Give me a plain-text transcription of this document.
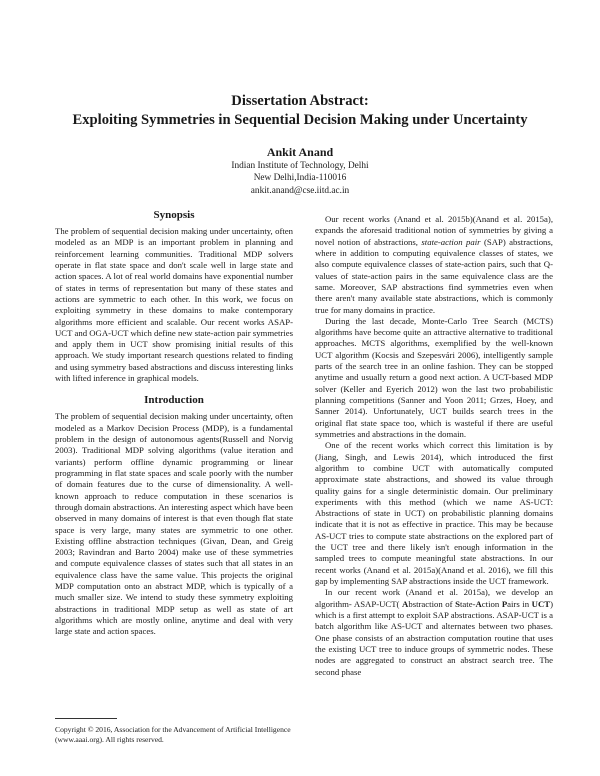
Dissertation Abstract:
Exploiting Symmetries in Sequential Decision Making under Uncertainty
Ankit Anand
Indian Institute of Technology, Delhi
New Delhi,India-110016
ankit.anand@cse.iitd.ac.in
Synopsis

The problem of sequential decision making under uncertainty, often modeled as an MDP is an important problem in planning and reinforcement learning communities. Traditional MDP solvers operate in flat state space and don't scale well in large state and action spaces. A lot of real world domains have exponential number of states in terms of representation but many of these states and actions are symmetric to each other. In this work, we focus on exploiting symmetry in these domains to make contemporary algorithms more efficient and scalable. Our recent works ASAP-UCT and OGA-UCT which define new state-action pair symmetries and apply them in UCT show promising initial results of this approach. We study important research questions related to finding and using symmetry based abstractions and discuss interesting links with lifted inference in graphical models.

Introduction

The problem of sequential decision making under uncertainty, often modeled as a Markov Decision Process (MDP), is a fundamental problem in the design of autonomous agents(Russell and Norvig 2003). Traditional MDP solving algorithms (value iteration and variants) perform offline dynamic programming or linear programming in flat state spaces and scale poorly with the number of domain features due to the curse of dimensionality. A well-known approach to reduce computation in these scenarios is through domain abstractions. An interesting aspect which have been observed in many domains of interest is that even though flat state space is very large, many states are symmetric to one other. Existing offline abstraction techniques (Givan, Dean, and Greig 2003; Ravindran and Barto 2004) make use of these symmetries and compute equivalence classes of states such that all states in an equivalence class have the same value. This projects the original MDP computation onto an abstract MDP, which is typically of a much smaller size. We intend to study these symmetry exploiting abstractions in traditional MDP setup as well as state of art algorithms which are mostly online, anytime and deal with very large state and action spaces.

Copyright © 2016, Association for the Advancement of Artificial Intelligence (www.aaai.org). All rights reserved.

Our recent works (Anand et al. 2015b)(Anand et al. 2015a), expands the aforesaid traditional notion of symmetries by giving a novel notion of abstractions, state-action pair (SAP) abstractions, where in addition to computing equivalence classes of states, we also compute equivalence classes of state-action pairs, such that Q-values of state-action pairs in the same equivalence class are the same. Moreover, SAP abstractions find symmetries even when there aren't many available state abstractions, which is commonly true for many domains in practice.

During the last decade, Monte-Carlo Tree Search (MCTS) algorithms have become quite an attractive alternative to traditional approaches. MCTS algorithms, exemplified by the well-known UCT algorithm (Kocsis and Szepesvári 2006), intelligently sample parts of the search tree in an online fashion. They can be stopped anytime and usually return a good next action. A UCT-based MDP solver (Keller and Eyerich 2012) won the last two probabilistic planning competitions (Sanner and Yoon 2011; Grzes, Hoey, and Sanner 2014). Unfortunately, UCT builds search trees in the original flat state space too, which is wasteful if there are useful symmetries and abstractions in the domain.

One of the recent works which correct this limitation is by (Jiang, Singh, and Lewis 2014), which introduced the first algorithm to combine UCT with automatically computed approximate state abstractions, and showed its value through quality gains for a single deterministic domain. Our preliminary experiments with this method (which we name AS-UCT: Abstractions of state in UCT) on probabilistic planning domains indicate that it is not as effective in practice. This may be because AS-UCT tries to compute state abstractions on the explored part of the UCT tree and there likely isn't enough information in the sampled trees to compute meaningful state abstractions. In our recent works (Anand et al. 2015a)(Anand et al. 2016), we fill this gap by implementing SAP abstractions inside the UCT framework.

In our recent work (Anand et al. 2015a), we develop an algorithm- ASAP-UCT( Abstraction of State-Action Pairs in UCT) which is a first attempt to exploit SAP abstractions. ASAP-UCT is a batch algorithm like AS-UCT and alternates between two phases. One phase consists of an abstraction computation routine that uses the existing UCT tree to induce groups of symmetric nodes. These nodes are aggregated to construct an abstract search tree. The second phase
